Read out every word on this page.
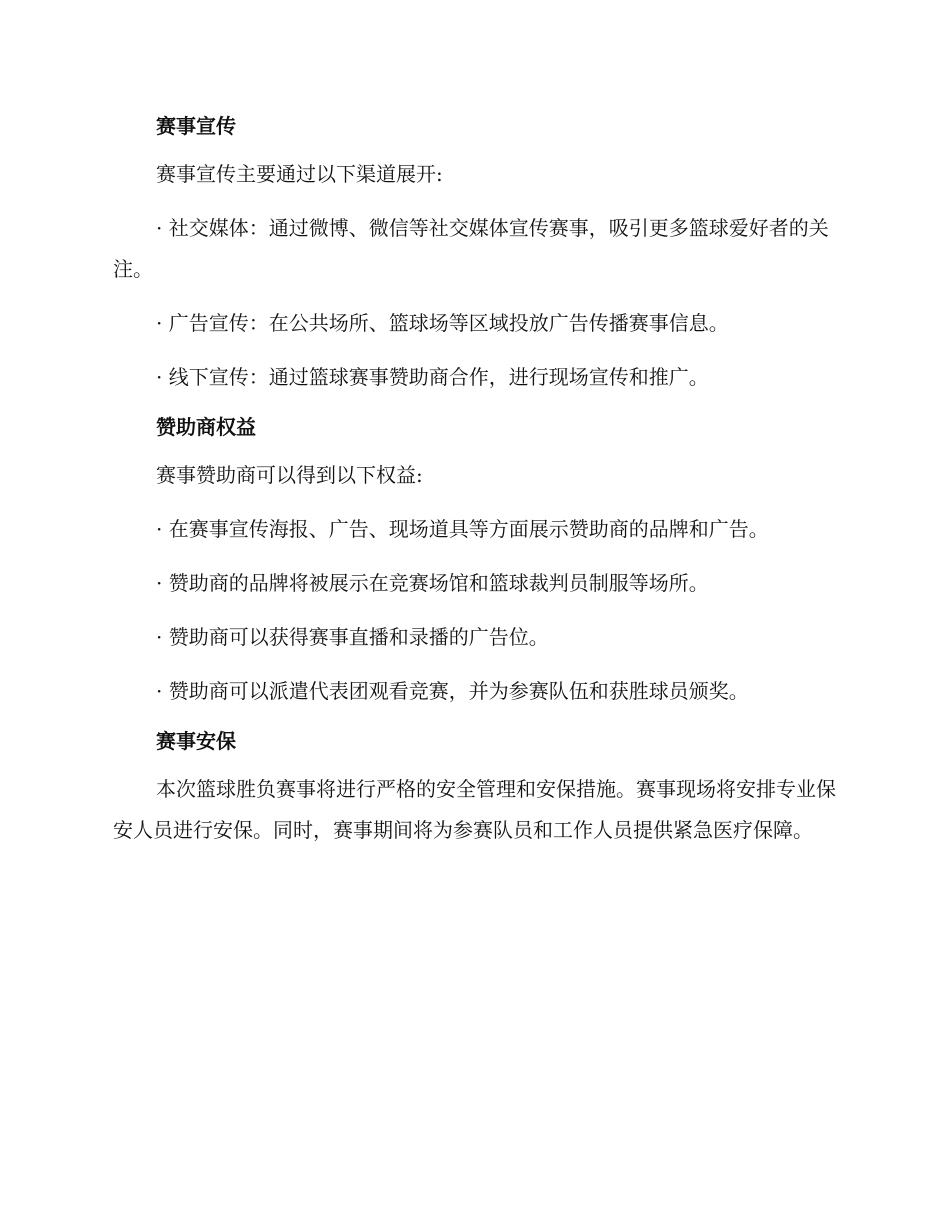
赛事宣传

赛事宣传主要通过以下渠道展开:

· 社交媒体：通过微博、微信等社交媒体宣传赛事，吸引更多篮球爱好者的关注。

· 广告宣传：在公共场所、篮球场等区域投放广告传播赛事信息。

· 线下宣传：通过篮球赛事赞助商合作，进行现场宣传和推广。

赞助商权益

赛事赞助商可以得到以下权益:

· 在赛事宣传海报、广告、现场道具等方面展示赞助商的品牌和广告。

· 赞助商的品牌将被展示在竞赛场馆和篮球裁判员制服等场所。

· 赞助商可以获得赛事直播和录播的广告位。

· 赞助商可以派遣代表团观看竞赛，并为参赛队伍和获胜球员颁奖。

赛事安保

本次篮球胜负赛事将进行严格的安全管理和安保措施。赛事现场将安排专业保安人员进行安保。同时，赛事期间将为参赛队员和工作人员提供紧急医疗保障。
